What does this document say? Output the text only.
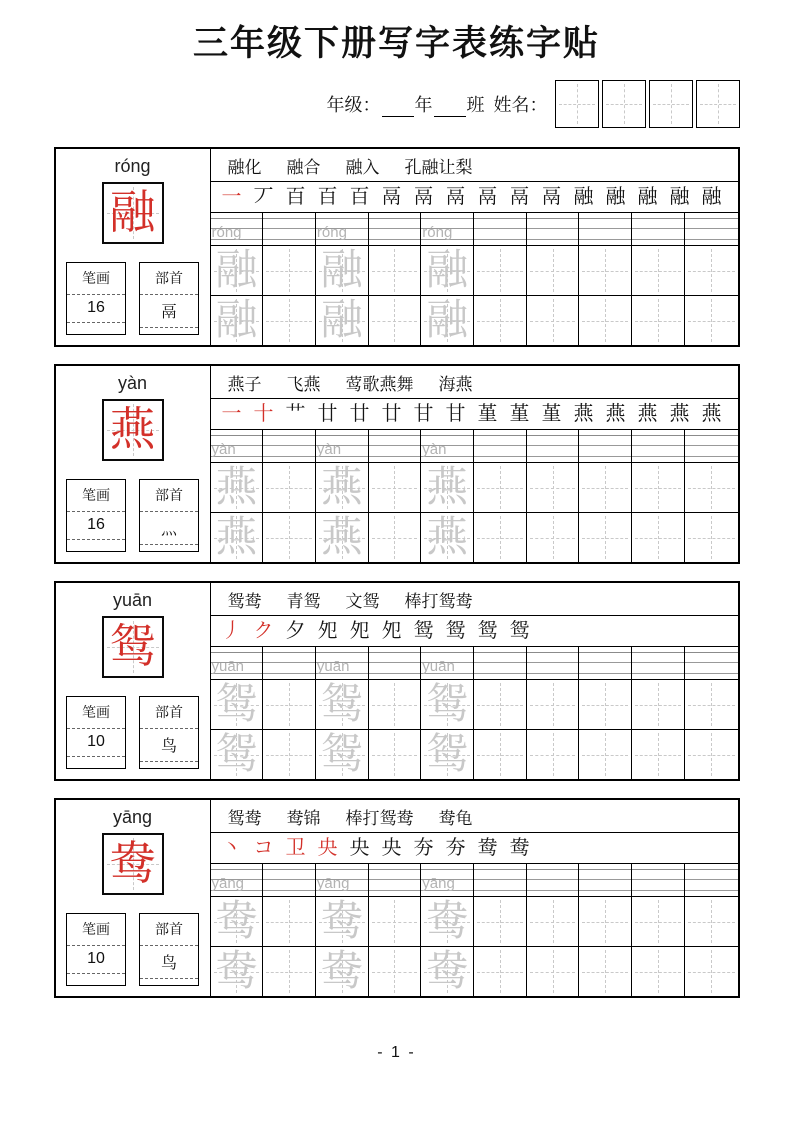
三年级下册写字表练字贴
年级： 年 班 姓名：
róng
融
笔画
16
部首
鬲
融化 融合 融入 孔融让梨
一 丆 百 百 百 鬲 鬲 鬲 鬲 鬲 鬲 融 融 融 融 融
róng	róng	róng
融 融 融
融 融 融
yàn
燕
笔画
16
部首
灬
燕子 飞燕 莺歌燕舞 海燕
一 十 艹 廿 廿 廿 甘 甘 堇 堇 堇 燕 燕 燕 燕 燕
yàn	yàn	yàn
燕 燕 燕
燕 燕 燕
yuān
鸳
笔画
10
部首
鸟
鸳鸯 青鸳 文鸳 棒打鸳鸯
丿 ク 夕 夗 夗 夗 鸳 鸳 鸳 鸳
yuān	yuān	yuān
鸳 鸳 鸳
鸳 鸳 鸳
yāng
鸯
笔画
10
部首
鸟
鸳鸯 鸯锦 棒打鸳鸯 鸯龟
丶 コ 卫 央 央 央 夯 夯 鸯 鸯
yāng	yāng	yāng
鸯 鸯 鸯
鸯 鸯 鸯
- 1 -
